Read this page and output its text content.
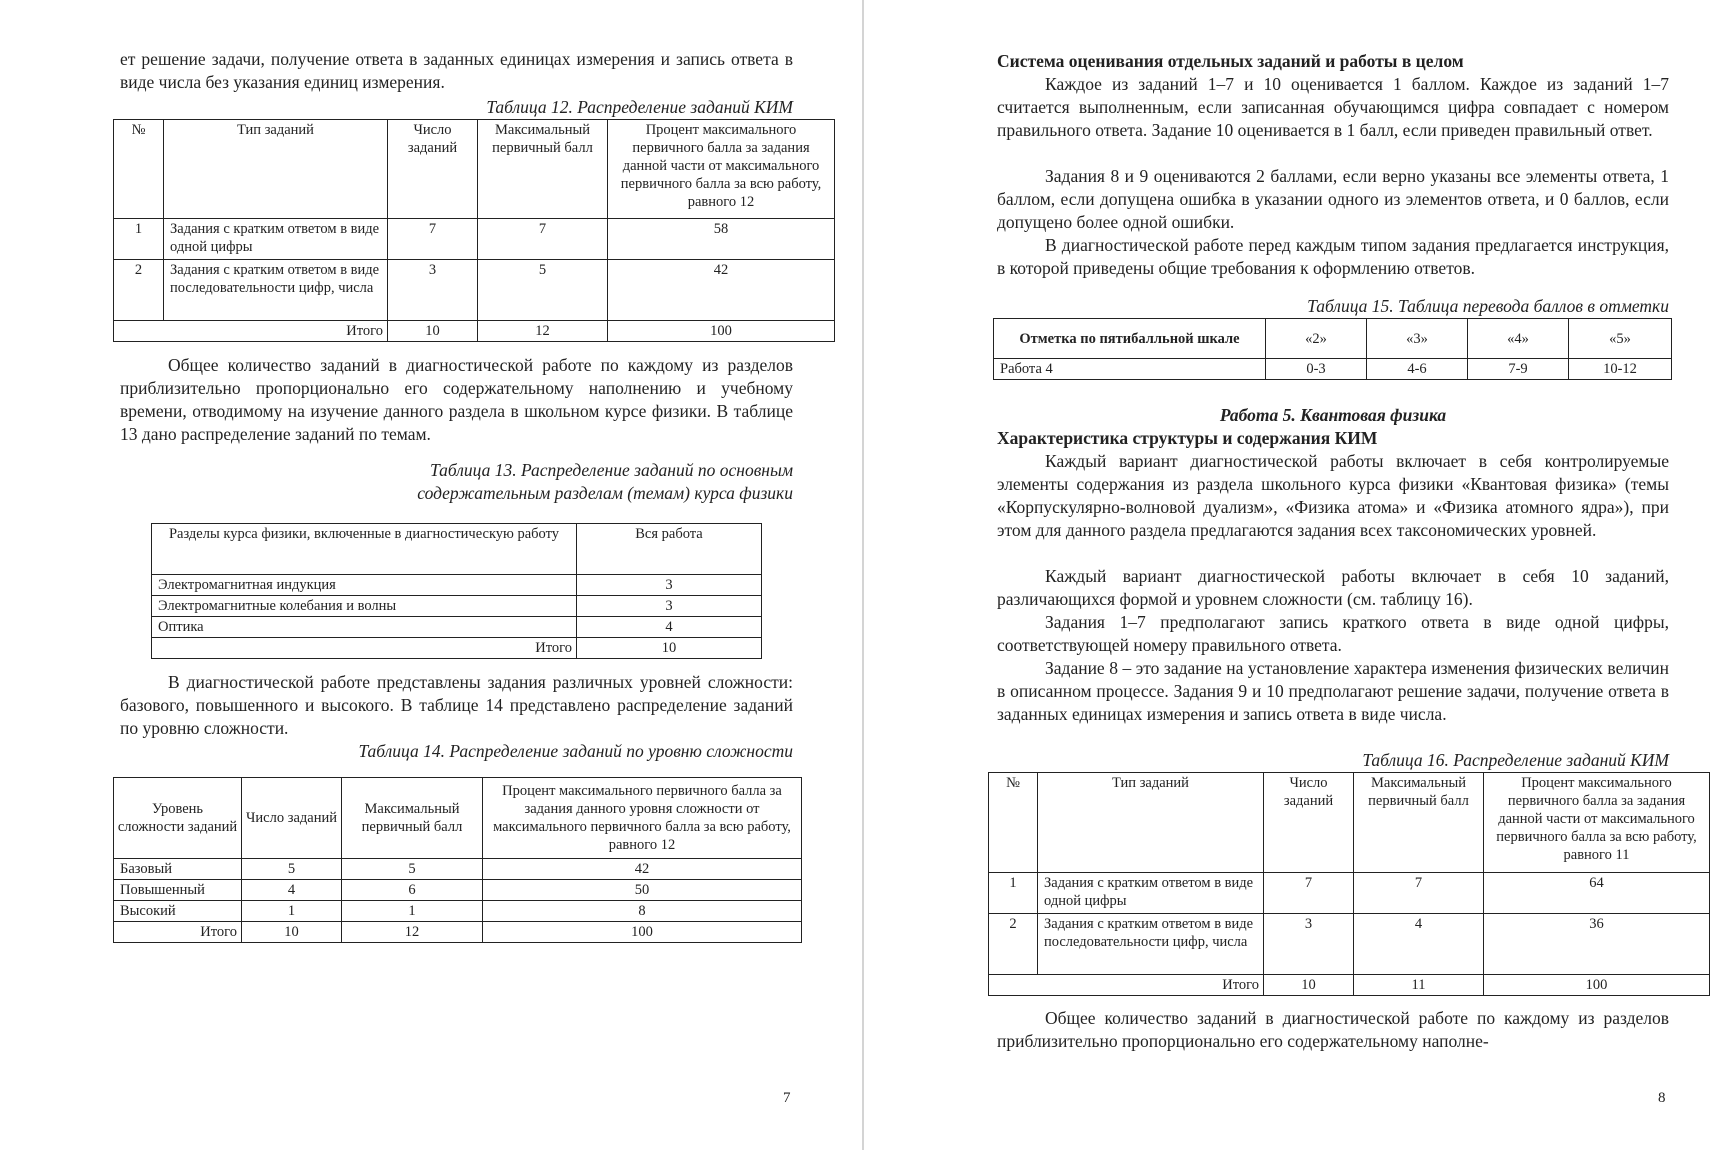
ет решение задачи, получение ответа в заданных единицах измерения и запись ответа в виде числа без указания единиц измерения.
Таблица 12. Распределение заданий КИМ
№	Тип заданий	Число заданий	Максимальный первичный балл	Процент максимального первичного балла за задания данной части от максимального первичного балла за всю работу, равного 12
1	Задания с кратким ответом в виде одной цифры	7	7	58
2	Задания с кратким ответом в виде последовательности цифр, числа	3	5	42
Итого		10	12	100
Общее количество заданий в диагностической работе по каждому из разделов приблизительно пропорционально его содержательному наполнению и учебному времени, отводимому на изучение данного раздела в школьном курсе физики. В таблице 13 дано распределение заданий по темам.
Таблица 13. Распределение заданий по основным
содержательным разделам (темам) курса физики
Разделы курса физики, включенные в диагностическую работу	Вся работа
Электромагнитная индукция	3
Электромагнитные колебания и волны	3
Оптика	4
Итого	10
В диагностической работе представлены задания различных уровней сложности: базового, повышенного и высокого. В таблице 14 представлено распределение заданий по уровню сложности.
Таблица 14. Распределение заданий по уровню сложности
Уровень сложности заданий	Число заданий	Максимальный первичный балл	Процент максимального первичного балла за задания данного уровня сложности от максимального первичного балла за всю работу, равного 12
Базовый	5	5	42
Повышенный	4	6	50
Высокий	1	1	8
Итого	10	12	100
7
Система оценивания отдельных заданий и работы в целом
Каждое из заданий 1–7 и 10 оценивается 1 баллом. Каждое из заданий 1–7 считается выполненным, если записанная обучающимся цифра совпадает с номером правильного ответа. Задание 10 оценивается в 1 балл, если приведен правильный ответ.
Задания 8 и 9 оцениваются 2 баллами, если верно указаны все элементы ответа, 1 баллом, если допущена ошибка в указании одного из элементов ответа, и 0 баллов, если допущено более одной ошибки.
В диагностической работе перед каждым типом задания предлагается инструкция, в которой приведены общие требования к оформлению ответов.
Таблица 15. Таблица перевода баллов в отметки
Отметка по пятибалльной шкале	«2»	«3»	«4»	«5»
Работа 4	0-3	4-6	7-9	10-12
Работа 5. Квантовая физика
Характеристика структуры и содержания КИМ
Каждый вариант диагностической работы включает в себя контролируемые элементы содержания из раздела школьного курса физики «Квантовая физика» (темы «Корпускулярно-волновой дуализм», «Физика атома» и «Физика атомного ядра»), при этом для данного раздела предлагаются задания всех таксономических уровней.
Каждый вариант диагностической работы включает в себя 10 заданий, различающихся формой и уровнем сложности (см. таблицу 16).
Задания 1–7 предполагают запись краткого ответа в виде одной цифры, соответствующей номеру правильного ответа.
Задание 8 – это задание на установление характера изменения физических величин в описанном процессе. Задания 9 и 10 предполагают решение задачи, получение ответа в заданных единицах измерения и запись ответа в виде числа.
Таблица 16. Распределение заданий КИМ
№	Тип заданий	Число заданий	Максимальный первичный балл	Процент максимального первичного балла за задания данной части от максимального первичного балла за всю работу, равного 11
1	Задания с кратким ответом в виде одной цифры	7	7	64
2	Задания с кратким ответом в виде последовательности цифр, числа	3	4	36
Итого		10	11	100
Общее количество заданий в диагностической работе по каждому из разделов приблизительно пропорционально его содержательному наполне-
8
